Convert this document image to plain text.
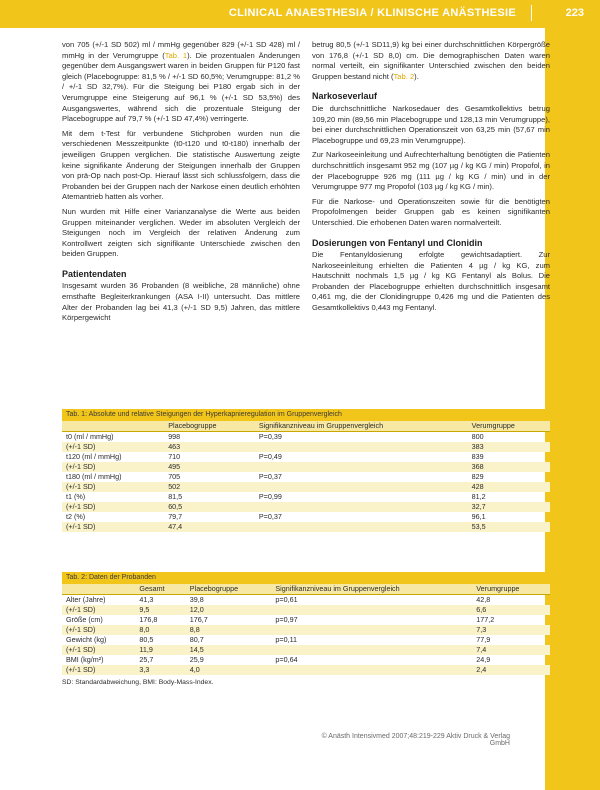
CLINICAL ANAESTHESIA / KLINISCHE ANÄSTHESIE	223

von 705 (+/-1 SD 502) ml / mmHg gegenüber 829 (+/-1 SD 428) ml / mmHg in der Verumgruppe (Tab. 1). Die prozentualen Änderungen gegenüber dem Ausgangswert waren in beiden Gruppen für P120 fast gleich (Placebogruppe: 81,5 % / +/-1 SD 60,5%; Verumgruppe: 81,2 % / +/-1 SD 32,7%). Für die Steigung bei P180 ergab sich in der Verumgruppe eine Steigerung auf 96,1 % (+/-1 SD 53,5%) des Ausgangswertes, während sich die prozentuale Steigung der Placebogruppe auf 79,7 % (+/-1 SD 47,4%) verringerte.

Mit dem t-Test für verbundene Stichproben wurden nun die verschiedenen Messzeitpunkte (t0-t120 und t0-t180) innerhalb der jeweiligen Gruppen verglichen. Die statistische Auswertung zeigte keine signifikante Änderung der Steigungen innerhalb der Gruppen von prä-Op nach post-Op. Hierauf lässt sich schlussfolgern, dass die Probanden bei der Gruppen nach der Narkose einen deutlich erhöhten Atemantrieb hatten als vorher.

Nun wurden mit Hilfe einer Varianzanalyse die Werte aus beiden Gruppen miteinander verglichen. Weder im absoluten Vergleich der Steigungen noch im Vergleich der relativen Änderung zum Kontrollwert zeigten sich signifikante Unterschiede zwischen den beiden Gruppen.

Patientendaten

Insgesamt wurden 36 Probanden (8 weibliche, 28 männliche) ohne ernsthafte Begleiterkrankungen (ASA I-II) untersucht. Das mittlere Alter der Probanden lag bei 41,3 (+/-1 SD 9,5) Jahren, das mittlere Körpergewicht

betrug 80,5 (+/-1 SD11,9) kg bei einer durchschnittlichen Körpergröße von 176,8 (+/-1 SD 8,0) cm. Die demographischen Daten waren normal verteilt, ein signifikanter Unterschied zwischen den beiden Gruppen bestand nicht (Tab. 2).

Narkoseverlauf

Die durchschnittliche Narkosedauer des Gesamtkollektivs betrug 109,20 min (89,56 min Placebogruppe und 128,13 min Verumgruppe), bei einer durchschnittlichen Operationszeit von 63,25 min (57,67 min Placebogruppe und 69,23 min Verumgruppe).

Zur Narkoseeinleitung und Aufrechterhaltung benötigten die Patienten durchschnittlich insgesamt 952 mg (107 µg / kg KG / min) Propofol, in der Placebogruppe 926 mg (111 µg / kg KG / min) und in der Verumgruppe 977 mg Propofol (103 µg / kg KG / min).

Für die Narkose- und Operationszeiten sowie für die benötigten Propofolmengen beider Gruppen gab es keinen signifikanten Unterschied. Die erhobenen Daten waren normalverteilt.

Dosierungen von Fentanyl und Clonidin

Die Fentanyldosierung erfolgte gewichtsadaptiert. Zur Narkoseeinleitung erhielten die Patienten 4 µg / kg KG, zum Hautschnitt nochmals 1,5 µg / kg KG Fentanyl als Bolus. Die Probanden der Placebogruppe erhielten durchschnittlich insgesamt 0,461 mg, die der Clonidingruppe 0,426 mg und die Patienten des Gesamtkollektivs 0,443 mg Fentanyl.

Tab. 1: Absolute und relative Steigungen der Hyperkapnieregulation im Gruppenvergleich
	Placebogruppe	Signifikanzniveau im Gruppenvergleich	Verumgruppe
t0 (ml / mmHg)	998	P=0,39	800
(+/-1 SD)	463		383
t120 (ml / mmHg)	710	P=0,49	839
(+/-1 SD)	495		368
t180 (ml / mmHg)	705	P=0,37	829
(+/-1 SD)	502		428
t1 (%)	81,5	P=0,99	81,2
(+/-1 SD)	60,5		32,7
t2 (%)	79,7	P=0,37	96,1
(+/-1 SD)	47,4		53,5
Tab. 2: Daten der Probanden
	Gesamt	Placebogruppe	Signifikanzniveau im Gruppenvergleich	Verumgruppe
Alter (Jahre)	41,3	39,8	p=0,61	42,8
(+/-1 SD)	9,5	12,0		6,6
Größe (cm)	176,8	176,7	p=0,97	177,2
(+/-1 SD)	8,0	8,8		7,3
Gewicht (kg)	80,5	80,7	p=0,11	77,9
(+/-1 SD)	11,9	14,5		7,4
BMI (kg/m²)	25,7	25,9	p=0,64	24,9
(+/-1 SD)	3,3	4,0		2,4
SD: Standardabweichung, BMI: Body-Mass-Index.
© Anästh Intensivmed 2007;48:219-229 Aktiv Druck & Verlag GmbH
